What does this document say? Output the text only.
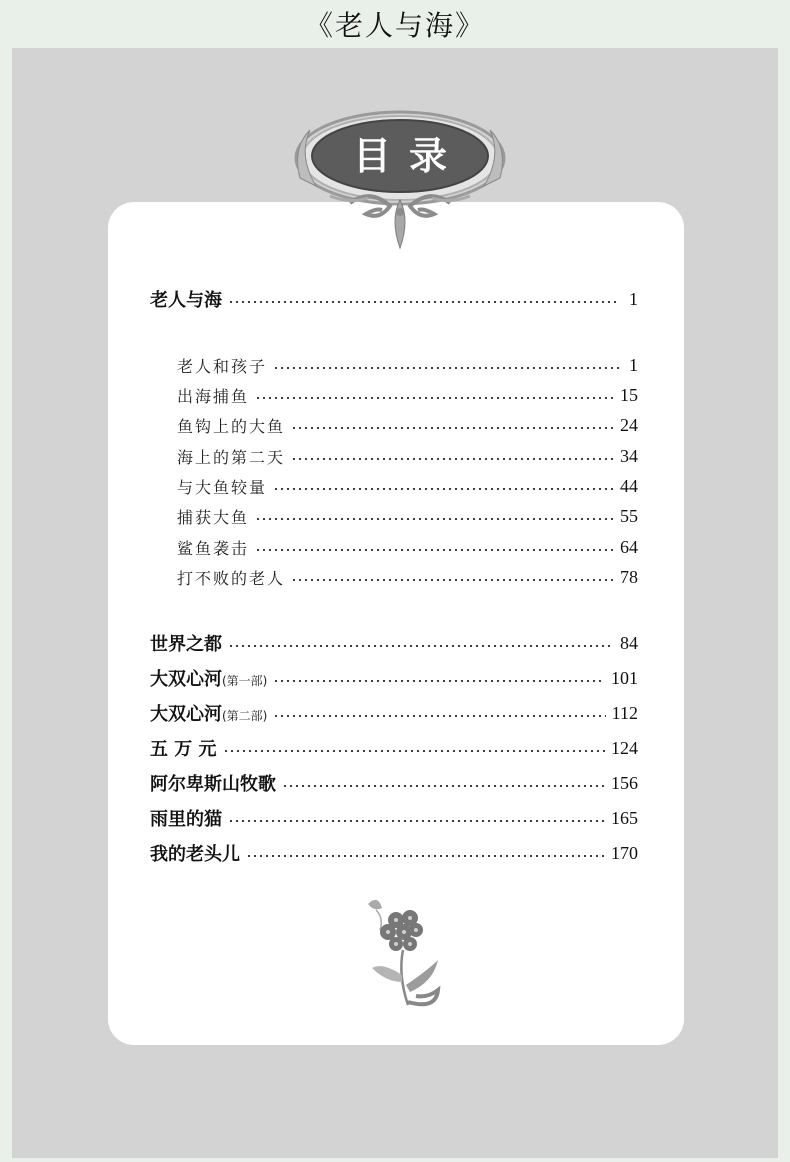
《老人与海》
目录
老人与海	1
老人和孩子	1
出海捕鱼	15
鱼钩上的大鱼	24
海上的第二天	34
与大鱼较量	44
捕获大鱼	55
鲨鱼袭击	64
打不败的老人	78
世界之都	84
大双心河(第一部)	101
大双心河(第二部)	112
五 万 元	124
阿尔卑斯山牧歌	156
雨里的猫	165
我的老头儿	170
